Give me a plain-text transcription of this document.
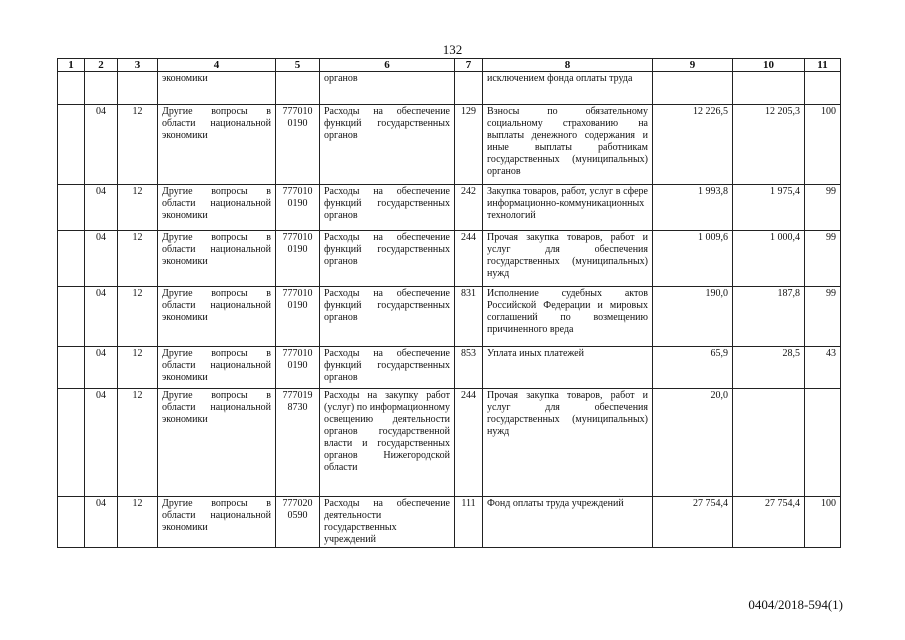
132
1	2	3	4	5	6	7	8	9	10	11
			экономики		органов		исключением фонда оплаты труда			
	04	12	Другие вопросы в области национальной экономики	777010 0190	Расходы на обеспечение функций государственных органов	129	Взносы по обязательному социальному страхованию на выплаты денежного содержания и иные выплаты работникам государственных (муниципальных) органов	12 226,5	12 205,3	100
	04	12	Другие вопросы в области национальной экономики	777010 0190	Расходы на обеспечение функций государственных органов	242	Закупка товаров, работ, услуг в сфере информационно-коммуникационных технологий	1 993,8	1 975,4	99
	04	12	Другие вопросы в области национальной экономики	777010 0190	Расходы на обеспечение функций государственных органов	244	Прочая закупка товаров, работ и услуг для обеспечения государственных (муниципальных) нужд	1 009,6	1 000,4	99
	04	12	Другие вопросы в области национальной экономики	777010 0190	Расходы на обеспечение функций государственных органов	831	Исполнение судебных актов Российской Федерации и мировых соглашений по возмещению причиненного вреда	190,0	187,8	99
	04	12	Другие вопросы в области национальной экономики	777010 0190	Расходы на обеспечение функций государственных органов	853	Уплата иных платежей	65,9	28,5	43
	04	12	Другие вопросы в области национальной экономики	777019 8730	Расходы на закупку работ (услуг) по информационному освещению деятельности органов государственной власти и государственных органов Нижегородской области	244	Прочая закупка товаров, работ и услуг для обеспечения государственных (муниципальных) нужд	20,0		
	04	12	Другие вопросы в области национальной экономики	777020 0590	Расходы на обеспечение деятельности государственных учреждений	111	Фонд оплаты труда учреждений	27 754,4	27 754,4	100
0404/2018-594(1)
